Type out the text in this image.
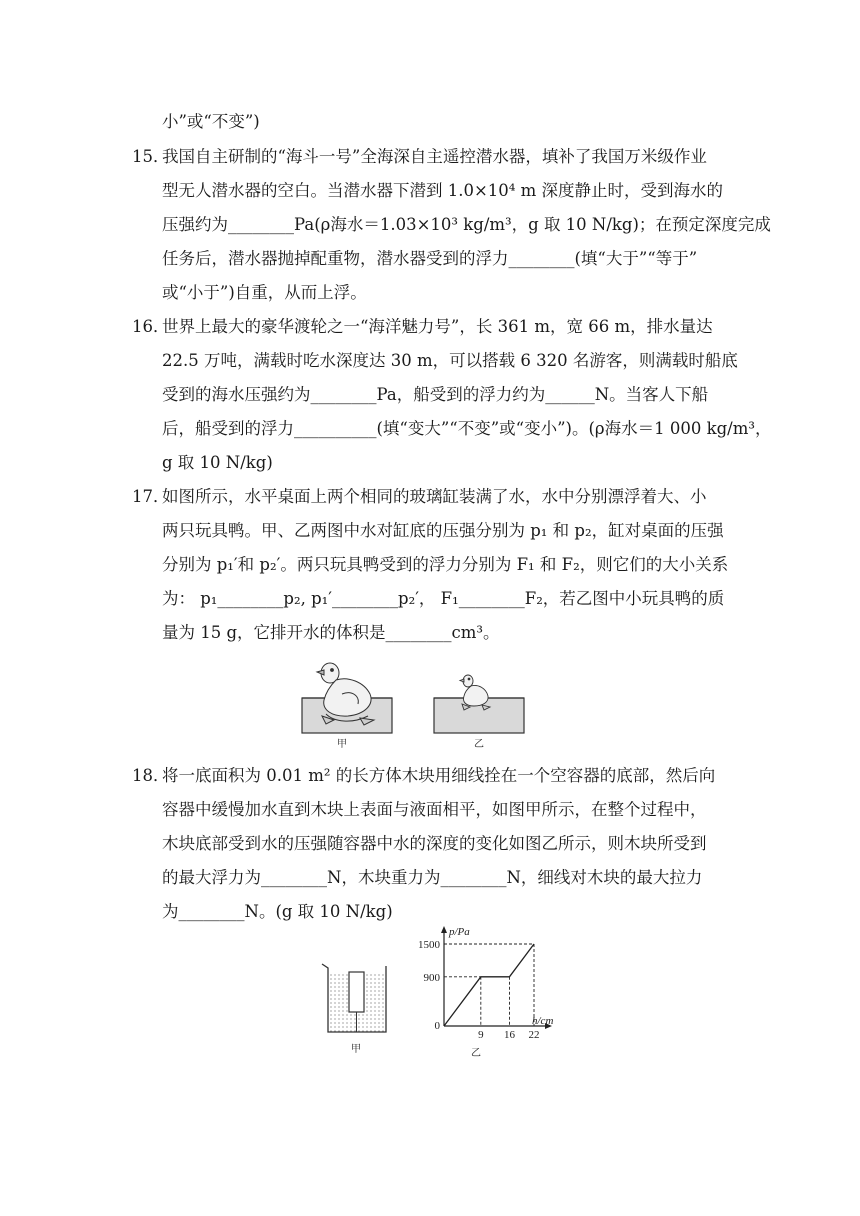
小”或“不变”)
15．
我国自主研制的“海斗一号”全海深自主遥控潜水器，填补了我国万米级作业
型无人潜水器的空白。当潜水器下潜到 1.0×10⁴ m 深度静止时，受到海水的
压强约为________Pa(ρ海水＝1.03×10³ kg/m³，g 取 10 N/kg)；在预定深度完成
任务后，潜水器抛掉配重物，潜水器受到的浮力________(填“大于”“等于”
或“小于”)自重，从而上浮。
16．
世界上最大的豪华渡轮之一“海洋魅力号”，长 361 m，宽 66 m，排水量达
22.5 万吨，满载时吃水深度达 30 m，可以搭载 6 320 名游客，则满载时船底
受到的海水压强约为________Pa，船受到的浮力约为______N。当客人下船
后，船受到的浮力__________(填“变大”“不变”或“变小”)。(ρ海水＝1 000 kg/m³，
g 取 10 N/kg)
17．
如图所示，水平桌面上两个相同的玻璃缸装满了水，水中分别漂浮着大、小
两只玩具鸭。甲、乙两图中水对缸底的压强分别为 p₁ 和 p₂，缸对桌面的压强
分别为 p₁′和 p₂′。两只玩具鸭受到的浮力分别为 F₁ 和 F₂，则它们的大小关系
为： p₁________p₂, p₁′________p₂′， F₁________F₂，若乙图中小玩具鸭的质
量为 15 g，它排开水的体积是________cm³。
甲	乙
18．
将一底面积为 0.01 m² 的长方体木块用细线拴在一个空容器的底部，然后向
容器中缓慢加水直到木块上表面与液面相平，如图甲所示，在整个过程中，
木块底部受到水的压强随容器中水的深度的变化如图乙所示，则木块所受到
的最大浮力为________N，木块重力为________N，细线对木块的最大拉力
为________N。(g 取 10 N/kg)
甲
p/Pa
h/cm
0
900
1500
9 16 22
乙
